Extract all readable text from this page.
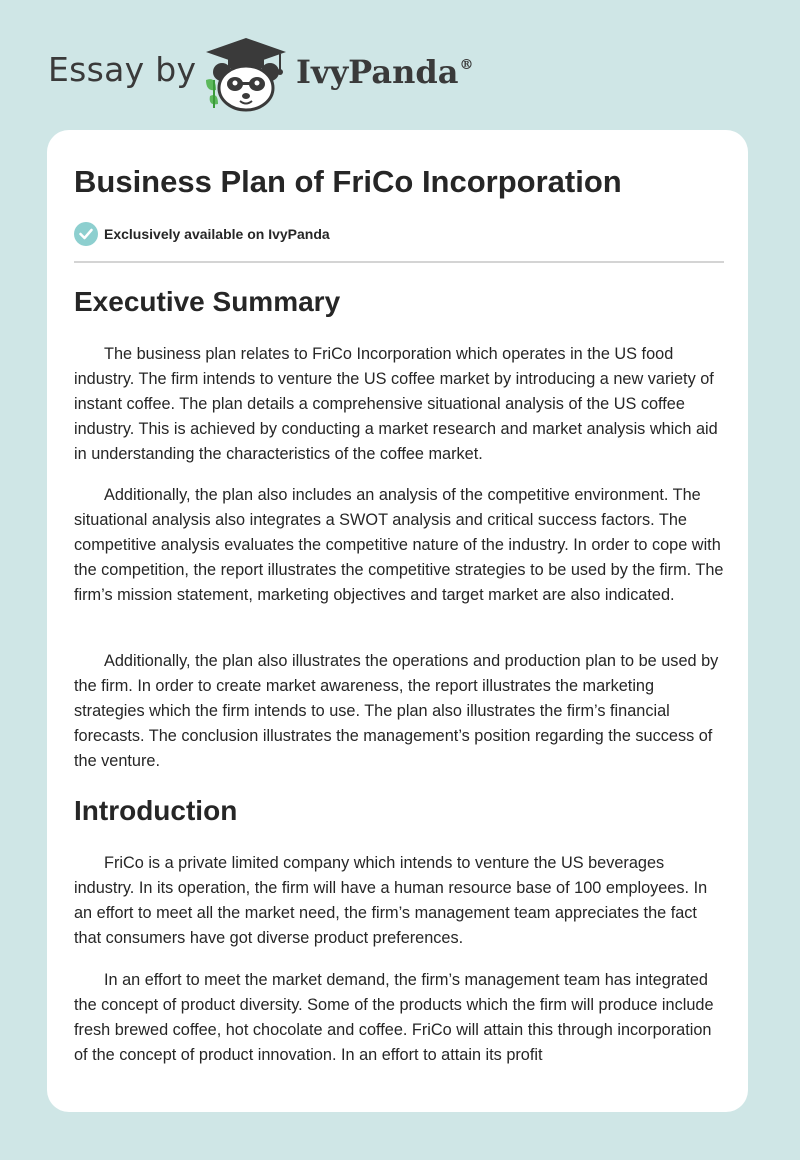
Essay by	IvyPanda®
Business Plan of FriCo Incorporation
Exclusively available on IvyPanda
Executive Summary

The business plan relates to FriCo Incorporation which operates in the US food industry. The firm intends to venture the US coffee market by introducing a new variety of instant coffee. The plan details a comprehensive situational analysis of the US coffee industry. This is achieved by conducting a market research and market analysis which aid in understanding the characteristics of the coffee market.

Additionally, the plan also includes an analysis of the competitive environment. The situational analysis also integrates a SWOT analysis and critical success factors. The competitive analysis evaluates the competitive nature of the industry. In order to cope with the competition, the report illustrates the competitive strategies to be used by the firm. The firm’s mission statement, marketing objectives and target market are also indicated.

Additionally, the plan also illustrates the operations and production plan to be used by the firm. In order to create market awareness, the report illustrates the marketing strategies which the firm intends to use. The plan also illustrates the firm’s financial forecasts. The conclusion illustrates the management’s position regarding the success of the venture.

Introduction

FriCo is a private limited company which intends to venture the US beverages industry. In its operation, the firm will have a human resource base of 100 employees. In an effort to meet all the market need, the firm’s management team appreciates the fact that consumers have got diverse product preferences.

In an effort to meet the market demand, the firm’s management team has integrated the concept of product diversity. Some of the products which the firm will produce include fresh brewed coffee, hot chocolate and coffee. FriCo will attain this through incorporation of the concept of product innovation. In an effort to attain its profit
